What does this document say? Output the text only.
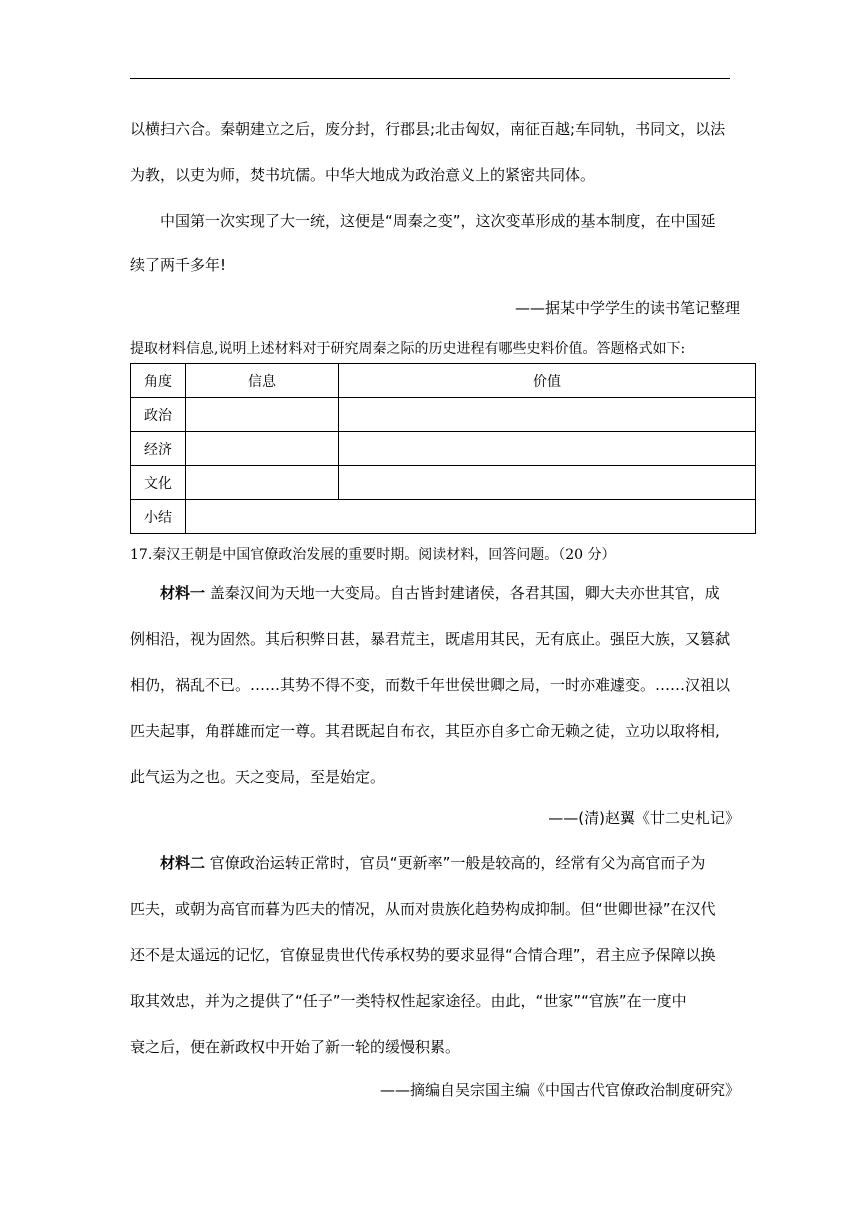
以横扫六合。秦朝建立之后，废分封，行郡县;北击匈奴，南征百越;车同轨，书同文，以法

为教，以吏为师，焚书坑儒。中华大地成为政治意义上的紧密共同体。

中国第一次实现了大一统，这便是“周秦之变”，这次变革形成的基本制度，在中国延

续了两千多年!

——据某中学学生的读书笔记整理
提取材料信息,说明上述材料对于研究周秦之际的历史进程有哪些史料价值。答题格式如下:
角度	信息	价值
政治		
经济		
文化		
小结		
17.秦汉王朝是中国官僚政治发展的重要时期。阅读材料，回答问题。（20 分）

材料一 盖秦汉间为天地一大变局。自古皆封建诸侯，各君其国，卿大夫亦世其官，成

例相沿，视为固然。其后积弊日甚，暴君荒主，既虐用其民，无有底止。强臣大族，又篡弑

相仍，祸乱不已。……其势不得不变，而数千年世侯世卿之局，一时亦难遽变。……汉祖以

匹夫起事，角群雄而定一尊。其君既起自布衣，其臣亦自多亡命无赖之徒，立功以取将相,

此气运为之也。天之变局，至是始定。

——(清)赵翼《廿二史札记》

材料二 官僚政治运转正常时，官员“更新率”一般是较高的，经常有父为高官而子为

匹夫，或朝为高官而暮为匹夫的情况，从而对贵族化趋势构成抑制。但“世卿世禄”在汉代

还不是太遥远的记忆，官僚显贵世代传承权势的要求显得“合情合理”，君主应予保障以换

取其效忠，并为之提供了“任子”一类特权性起家途径。由此，“世家”“官族”在一度中

衰之后，便在新政权中开始了新一轮的缓慢积累。

——摘编自吴宗国主编《中国古代官僚政治制度研究》
